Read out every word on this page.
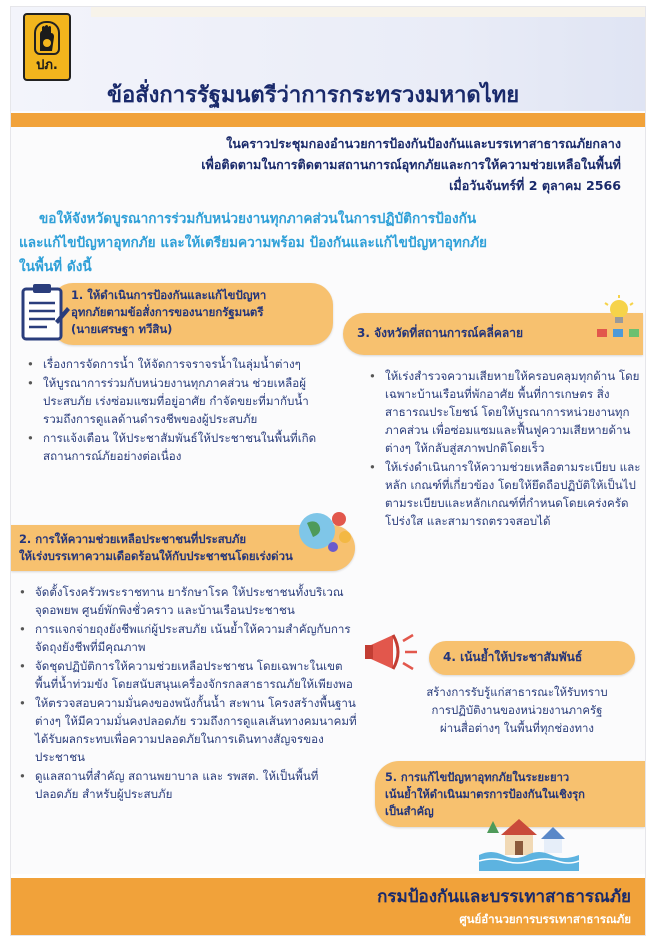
ปภ.
ข้อสั่งการรัฐมนตรีว่าการกระทรวงมหาดไทย
ในคราวประชุมกองอำนวยการป้องกันป้องกันและบรรเทาสาธารณภัยกลาง
เพื่อติดตามในการติดตามสถานการณ์อุทกภัยและการให้ความช่วยเหลือในพื้นที่
เมื่อวันจันทร์ที่ 2 ตุลาคม 2566
ขอให้จังหวัดบูรณาการร่วมกับหน่วยงานทุกภาคส่วนในการปฏิบัติการป้องกัน
และแก้ไขปัญหาอุทกภัย และให้เตรียมความพร้อม ป้องกันและแก้ไขปัญหาอุทกภัย
ในพื้นที่ ดังนี้
1. ให้ดำเนินการป้องกันและแก้ไขปัญหา
อุทกภัยตามข้อสั่งการของนายกรัฐมนตรี
(นายเศรษฐา ทวีสิน)
• เรื่องการจัดการน้ำ ให้จัดการจราจรน้ำในลุ่มน้ำต่างๆ
• ให้บูรณาการร่วมกับหน่วยงานทุกภาคส่วน ช่วยเหลือผู้ประสบภัย เร่งซ่อมแซมที่อยู่อาศัย กำจัดขยะที่มากับน้ำ รวมถึงการดูแลด้านดำรงชีพของผู้ประสบภัย
• การแจ้งเตือน ให้ประชาสัมพันธ์ให้ประชาชนในพื้นที่เกิดสถานการณ์ภัยอย่างต่อเนื่อง
2. การให้ความช่วยเหลือประชาชนที่ประสบภัย
ให้เร่งบรรเทาความเดือดร้อนให้กับประชาชนโดยเร่งด่วน
• จัดตั้งโรงครัวพระราชทาน ยารักษาโรค ให้ประชาชนทั้งบริเวณจุดอพยพ ศูนย์พักพิงชั่วคราว และบ้านเรือนประชาชน
• การแจกจ่ายถุงยังชีพแก่ผู้ประสบภัย เน้นย้ำให้ความสำคัญกับการจัดถุงยังชีพที่มีคุณภาพ
• จัดชุดปฏิบัติการให้ความช่วยเหลือประชาชน โดยเฉพาะในเขตพื้นที่น้ำท่วมขัง โดยสนับสนุนเครื่องจักรกลสาธารณภัยให้เพียงพอ
• ให้ตรวจสอบความมั่นคงของพนังกั้นน้ำ สะพาน โครงสร้างพื้นฐานต่างๆ ให้มีความมั่นคงปลอดภัย รวมถึงการดูแลเส้นทางคมนาคมที่ได้รับผลกระทบเพื่อความปลอดภัยในการเดินทางสัญจรของประชาชน
• ดูแลสถานที่สำคัญ สถานพยาบาล และ รพสต. ให้เป็นพื้นที่ปลอดภัย สำหรับผู้ประสบภัย
3. จังหวัดที่สถานการณ์คลี่คลาย
• ให้เร่งสำรวจความเสียหายให้ครอบคลุมทุกด้าน โดยเฉพาะบ้านเรือนที่พักอาศัย พื้นที่การเกษตร สิ่งสาธารณประโยชน์ โดยให้บูรณาการหน่วยงานทุกภาคส่วน เพื่อซ่อมแซมและฟื้นฟูความเสียหายด้านต่างๆ ให้กลับสู่สภาพปกติโดยเร็ว
• ให้เร่งดำเนินการให้ความช่วยเหลือตามระเบียบ และหลัก เกณฑ์ที่เกี่ยวข้อง โดยให้ยึดถือปฏิบัติให้เป็นไปตามระเบียบและหลักเกณฑ์ที่กำหนดโดยเคร่งครัด โปร่งใส และสามารถตรวจสอบได้
4. เน้นย้ำให้ประชาสัมพันธ์
สร้างการรับรู้แก่สาธารณะให้รับทราบ
การปฏิบัติงานของหน่วยงานภาครัฐ
ผ่านสื่อต่างๆ ในพื้นที่ทุกช่องทาง
5. การแก้ไขปัญหาอุทกภัยในระยะยาว
เน้นย้ำให้ดำเนินมาตรการป้องกันในเชิงรุก
เป็นสำคัญ
กรมป้องกันและบรรเทาสาธารณภัย
ศูนย์อำนวยการบรรเทาสาธารณภัย
